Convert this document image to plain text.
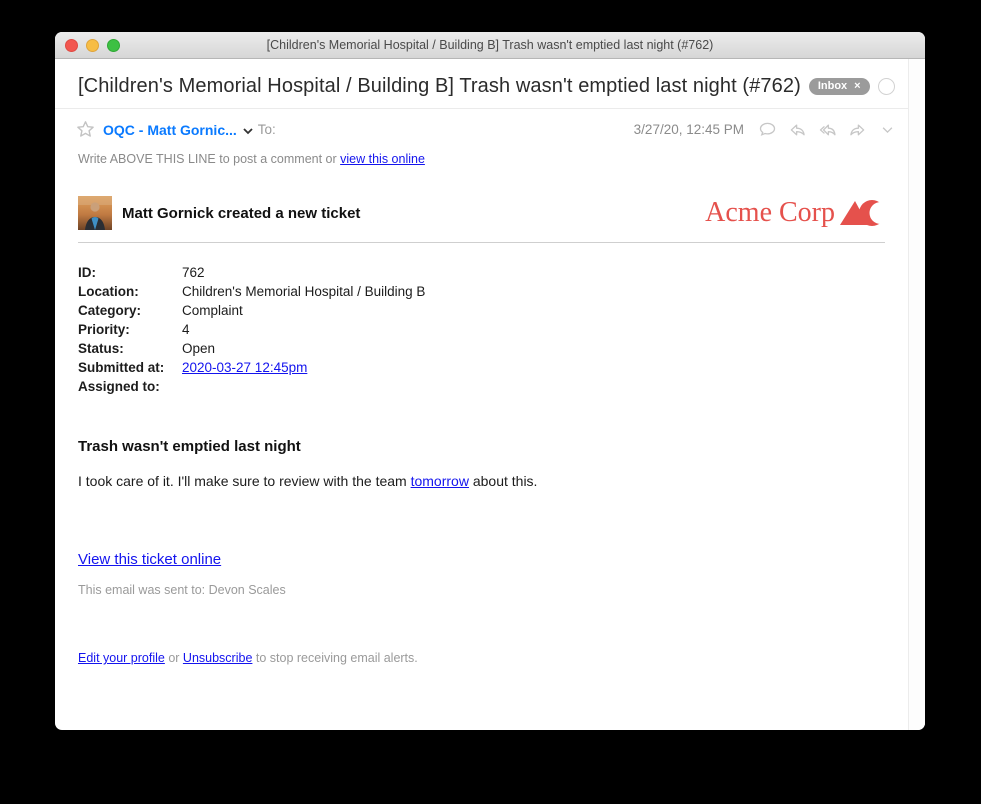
[Children's Memorial Hospital / Building B] Trash wasn't emptied last night (#762)
[Children's Memorial Hospital / Building B] Trash wasn't emptied last night (#762) Inbox ×
OQC - Matt Gornic... To:	3/27/20, 12:45 PM
Write ABOVE THIS LINE to post a comment or view this online
Matt Gornick created a new ticket	Acme Corp
ID:	762
Location:	Children's Memorial Hospital / Building B
Category:	Complaint
Priority:	4
Status:	Open
Submitted at:	2020-03-27 12:45pm
Assigned to:
Trash wasn't emptied last night
I took care of it. I'll make sure to review with the team tomorrow about this.
View this ticket online
This email was sent to: Devon Scales
Edit your profile or Unsubscribe to stop receiving email alerts.
